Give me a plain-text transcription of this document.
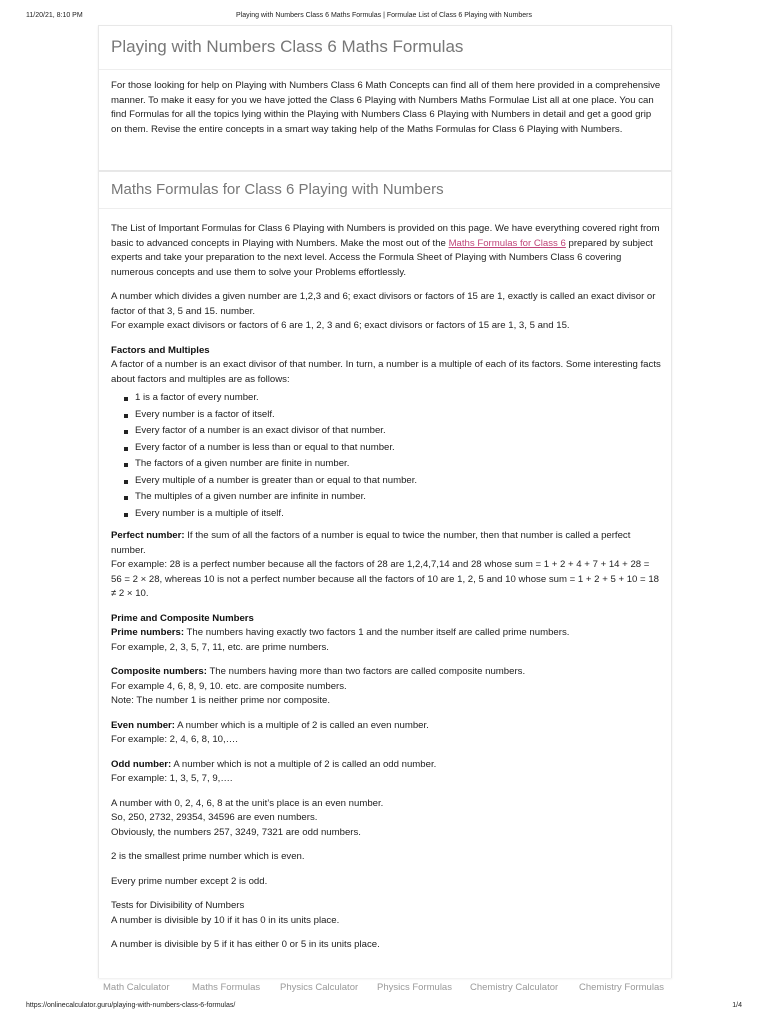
11/20/21, 8:10 PM	Playing with Numbers Class 6 Maths Formulas | Formulae List of Class 6 Playing with Numbers
Playing with Numbers Class 6 Maths Formulas

For those looking for help on Playing with Numbers Class 6 Math Concepts can find all of them here provided in a comprehensive manner. To make it easy for you we have jotted the Class 6 Playing with Numbers Maths Formulae List all at one place. You can find Formulas for all the topics lying within the Playing with Numbers Class 6 Playing with Numbers in detail and get a good grip on them. Revise the entire concepts in a smart way taking help of the Maths Formulas for Class 6 Playing with Numbers.

Maths Formulas for Class 6 Playing with Numbers

The List of Important Formulas for Class 6 Playing with Numbers is provided on this page. We have everything covered right from basic to advanced concepts in Playing with Numbers. Make the most out of the Maths Formulas for Class 6 prepared by subject experts and take your preparation to the next level. Access the Formula Sheet of Playing with Numbers Class 6 covering numerous concepts and use them to solve your Problems effortlessly.

A number which divides a given number are 1,2,3 and 6; exact divisors or factors of 15 are 1, exactly is called an exact divisor or factor of that 3, 5 and 15. number.

For example exact divisors or factors of 6 are 1, 2, 3 and 6; exact divisors or factors of 15 are 1, 3, 5 and 15.

Factors and Multiples

A factor of a number is an exact divisor of that number. In turn, a number is a multiple of each of its factors. Some interesting facts about factors and multiples are as follows:

1 is a factor of every number.
Every number is a factor of itself.
Every factor of a number is an exact divisor of that number.
Every factor of a number is less than or equal to that number.
The factors of a given number are finite in number.
Every multiple of a number is greater than or equal to that number.
The multiples of a given number are infinite in number.
Every number is a multiple of itself.

Perfect number: If the sum of all the factors of a number is equal to twice the number, then that number is called a perfect number.

For example: 28 is a perfect number because all the factors of 28 are 1,2,4,7,14 and 28 whose sum = 1 + 2 + 4 + 7 + 14 + 28 = 56 = 2 × 28, whereas 10 is not a perfect number because all the factors of 10 are 1, 2, 5 and 10 whose sum = 1 + 2 + 5 + 10 = 18 ≠ 2 × 10.

Prime and Composite Numbers

Prime numbers: The numbers having exactly two factors 1 and the number itself are called prime numbers.

For example, 2, 3, 5, 7, 11, etc. are prime numbers.

Composite numbers: The numbers having more than two factors are called composite numbers.

For example 4, 6, 8, 9, 10. etc. are composite numbers.

Note: The number 1 is neither prime nor composite.

Even number: A number which is a multiple of 2 is called an even number.

For example: 2, 4, 6, 8, 10,….

Odd number: A number which is not a multiple of 2 is called an odd number.

For example: 1, 3, 5, 7, 9,….

A number with 0, 2, 4, 6, 8 at the unit’s place is an even number.

So, 250, 2732, 29354, 34596 are even numbers.

Obviously, the numbers 257, 3249, 7321 are odd numbers.

2 is the smallest prime number which is even.

Every prime number except 2 is odd.

Tests for Divisibility of Numbers

A number is divisible by 10 if it has 0 in its units place.

A number is divisible by 5 if it has either 0 or 5 in its units place.

Math Calculator Maths Formulas Physics Calculator Physics Formulas Chemistry Calculator Chemistry Formulas
https://onlinecalculator.guru/playing-with-numbers-class-6-formulas/	1/4
